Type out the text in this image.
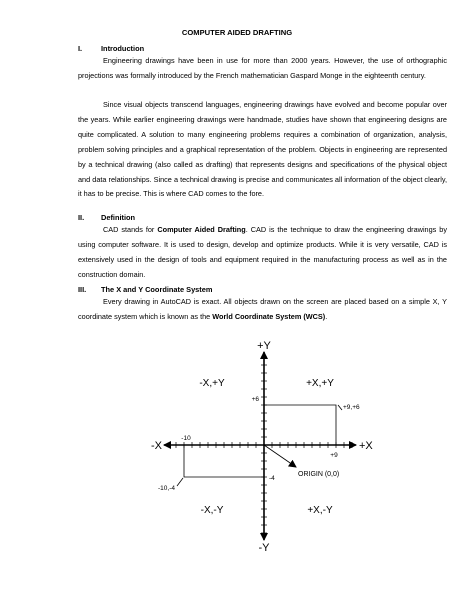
COMPUTER AIDED DRAFTING
I.	Introduction

Engineering drawings have been in use for more than 2000 years. However, the use of orthographic projections was formally introduced by the French mathematician Gaspard Monge in the eighteenth century.

Since visual objects transcend languages, engineering drawings have evolved and become popular over the years. While earlier engineering drawings were handmade, studies have shown that engineering designs are quite complicated. A solution to many engineering problems requires a combination of organization, analysis, problem solving principles and a graphical representation of the problem. Objects in engineering are represented by a technical drawing (also called as drafting) that represents designs and specifications of the physical object and data relationships. Since a technical drawing is precise and communicates all information of the object clearly, it has to be precise. This is where CAD comes to the fore.

II. Definition

CAD stands for Computer Aided Drafting. CAD is the technique to draw the engineering drawings by using computer software. It is used to design, develop and optimize products. While it is very versatile, CAD is extensively used in the design of tools and equipment required in the manufacturing process as well as in the construction domain.

III. The X and Y Coordinate System

Every drawing in AutoCAD is exact. All objects drawn on the screen are placed based on a simple X, Y coordinate system which is known as the World Coordinate System (WCS).

+Y
-Y
+X
-X
-X,+Y	+X,+Y
-X,-Y	+X,-Y
+6
-10
+9
-4
+9,+6
-10,-4
ORIGIN (0,0)
